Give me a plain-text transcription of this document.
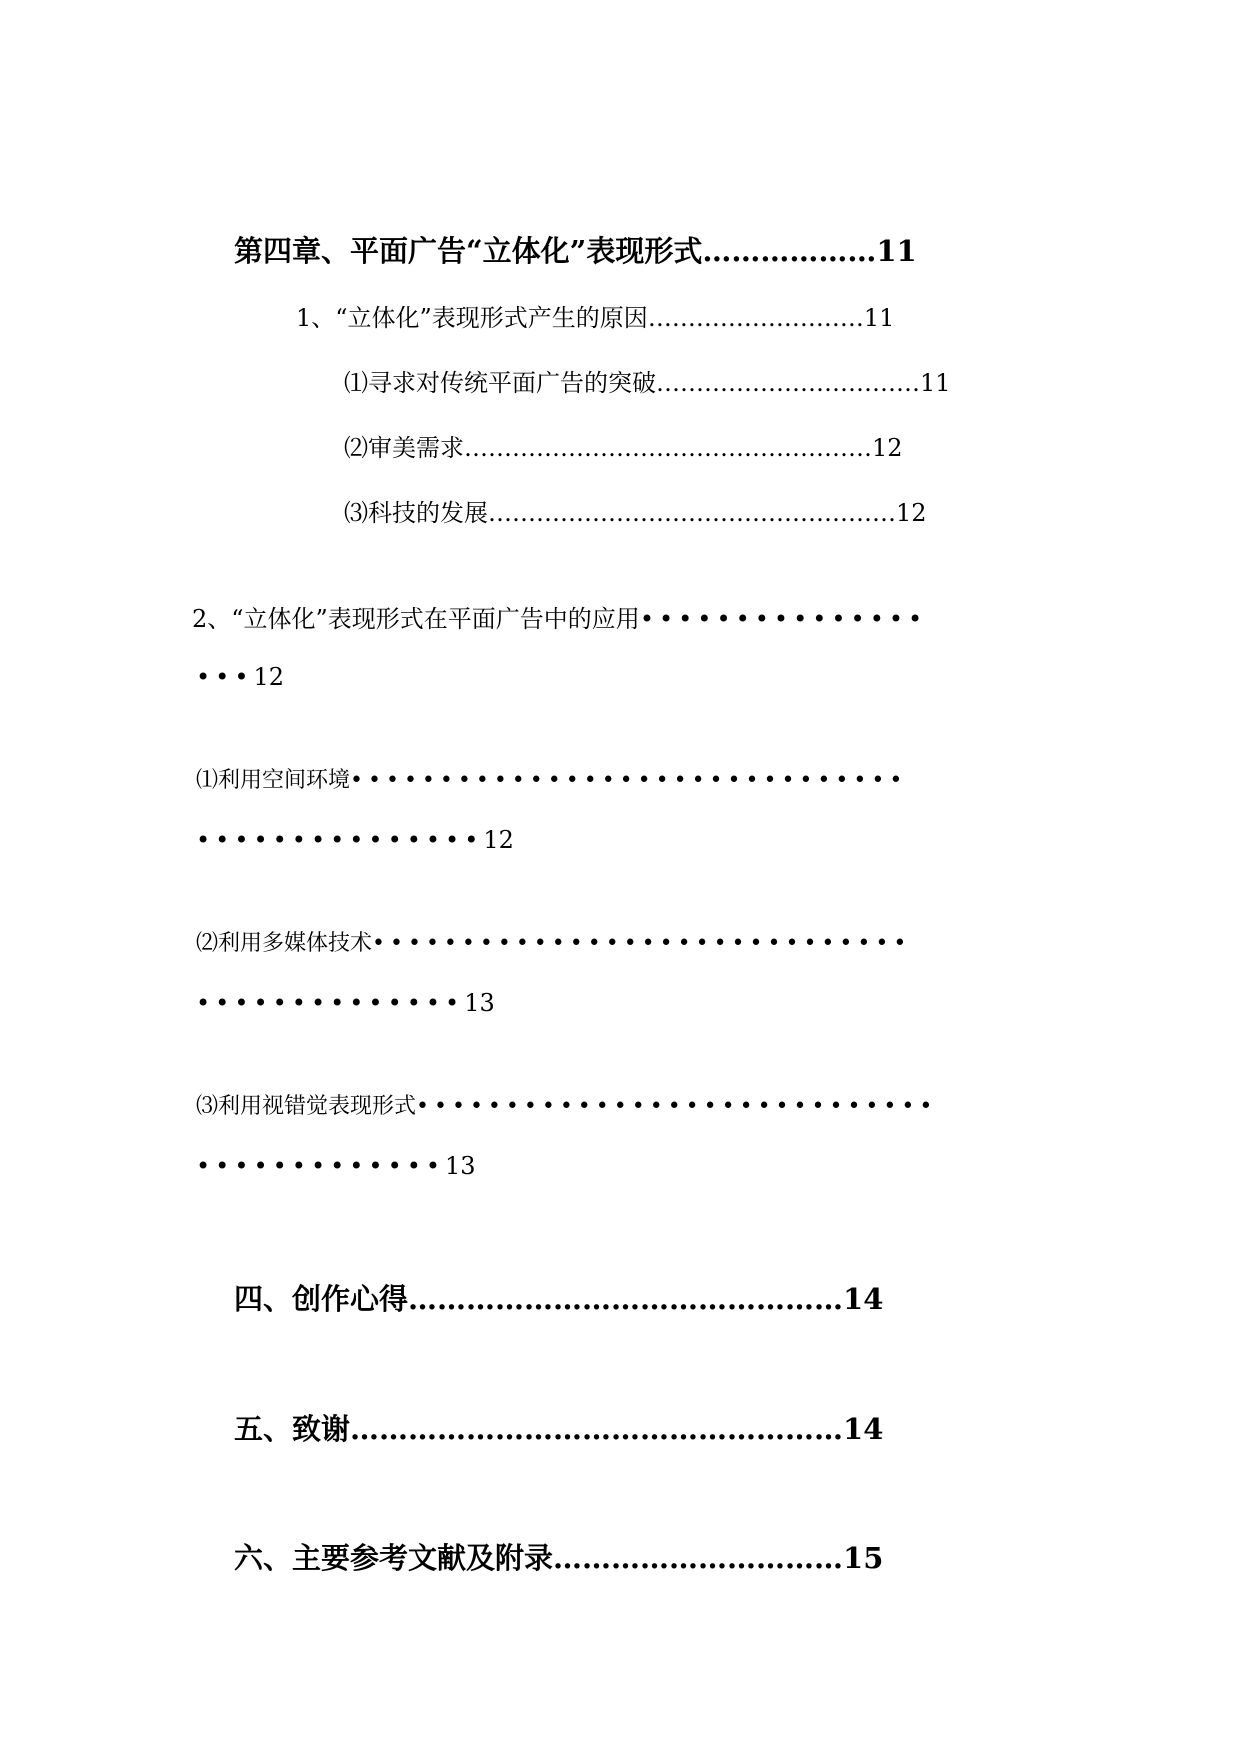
第四章、平面广告“立体化”表现形式………………11
1、“立体化”表现形式产生的原因………………………11
⑴寻求对传统平面广告的突破……………………………11
⑵审美需求……………………………………………12
⑶科技的发展……………………………………………12
2、“立体化”表现形式在平面广告中的应用•••••••••••••••
•••12
⑴利用空间环境•••••••••••••••••••••••••••••••
•••••••••••••••12
⑵利用多媒体技术••••••••••••••••••••••••••••••
••••••••••••••13
⑶利用视错觉表现形式•••••••••••••••••••••••••••••
•••••••••••••13
四、创作心得………………………………………14
五、致谢……………………………………………14
六、主要参考文献及附录…………………………15
